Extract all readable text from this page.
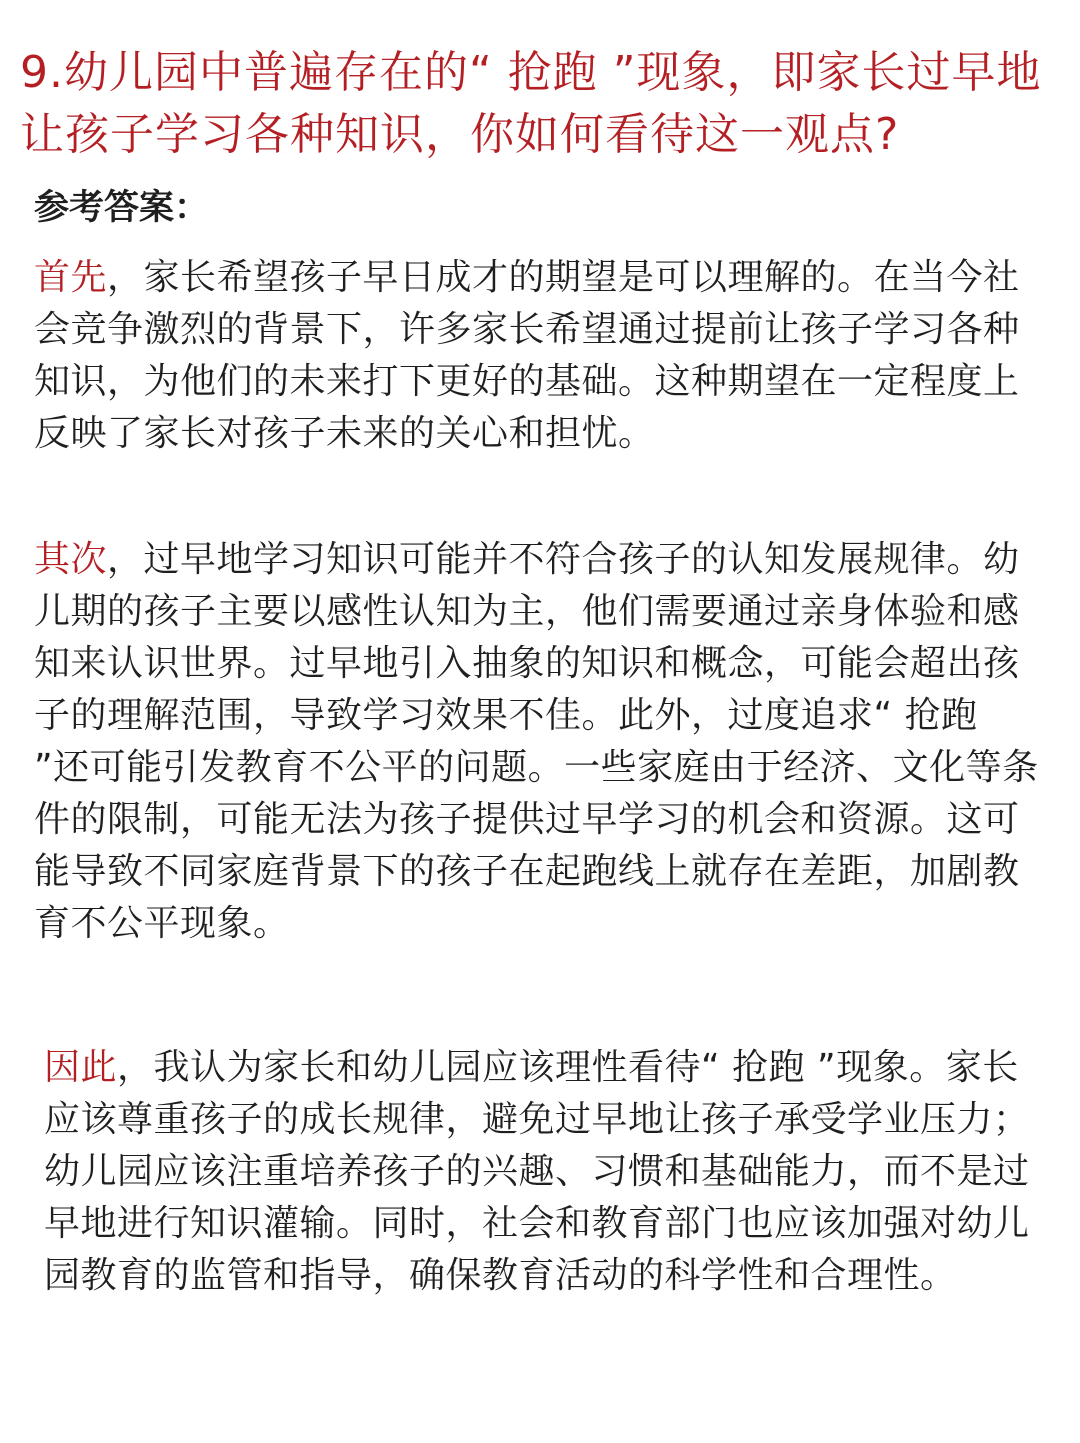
9.幼儿园中普遍存在的“ 抢跑 ”现象，即家长过早地让孩子学习各种知识，你如何看待这一观点?
参考答案：

首先，家长希望孩子早日成才的期望是可以理解的。在当今社会竞争激烈的背景下，许多家长希望通过提前让孩子学习各种知识，为他们的未来打下更好的基础。这种期望在一定程度上反映了家长对孩子未来的关心和担忧。

其次，过早地学习知识可能并不符合孩子的认知发展规律。幼儿期的孩子主要以感性认知为主，他们需要通过亲身体验和感知来认识世界。过早地引入抽象的知识和概念，可能会超出孩子的理解范围，导致学习效果不佳。此外，过度追求“ 抢跑 ”还可能引发教育不公平的问题。一些家庭由于经济、文化等条件的限制，可能无法为孩子提供过早学习的机会和资源。这可能导致不同家庭背景下的孩子在起跑线上就存在差距，加剧教育不公平现象。

因此，我认为家长和幼儿园应该理性看待“ 抢跑 ”现象。家长应该尊重孩子的成长规律，避免过早地让孩子承受学业压力；幼儿园应该注重培养孩子的兴趣、习惯和基础能力，而不是过早地进行知识灌输。同时，社会和教育部门也应该加强对幼儿园教育的监管和指导，确保教育活动的科学性和合理性。
